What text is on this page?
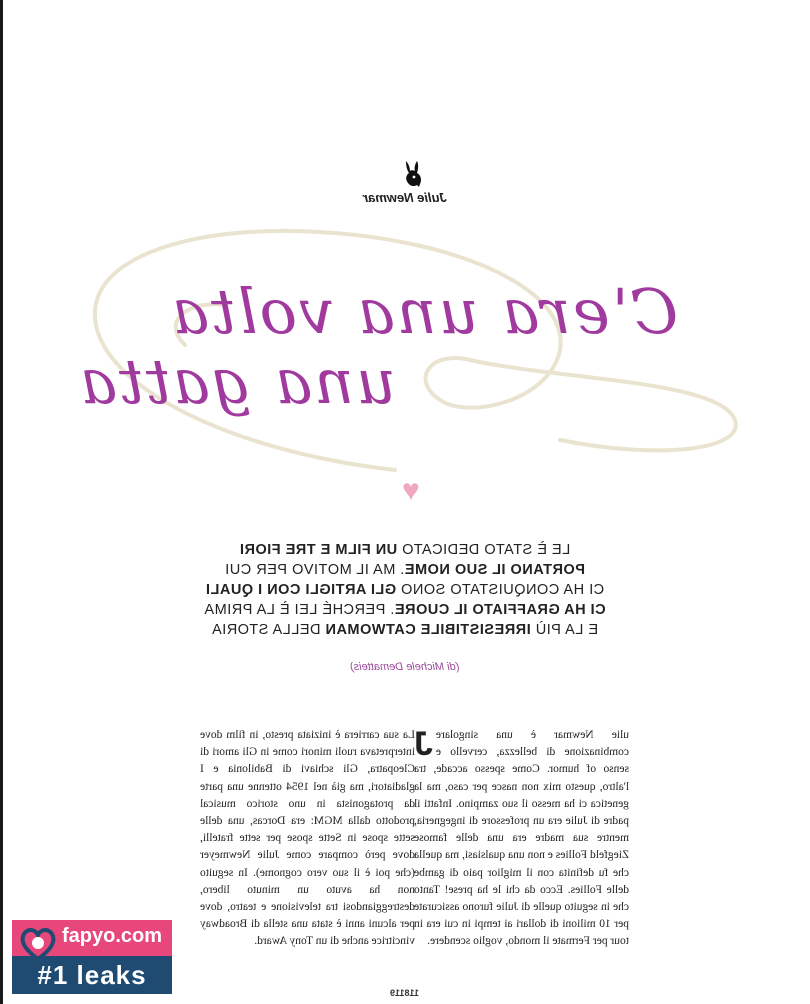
Julie Newmar
C'era una volta
una gatta
♥
LE È STATO DEDICATO UN FILM E TRE FIORI
PORTANO IL SUO NOME. MA IL MOTIVO PER CUI
CI HA CONQUISTATO SONO GLI ARTIGLI CON I QUALI
CI HA GRAFFIATO IL CUORE. PERCHÉ LEI È LA PRIMA
E LA PIÙ IRRESISTIBILE CATWOMAN DELLA STORIA
(di Michele Dematteis)
La sua carriera è iniziata presto, in film dove interpretava ruoli minori come in Gli amori di Cleopatra, Gli schiavi di Babilonia e I gladiatori, ma già nel 1954 ottenne una parte da protagonista in uno storico musical prodotto dalla MGM: era Dorcas, una delle sette spose in Sette spose per sette fratelli, dove però compare come Julie Newmeyer (che poi è il suo vero cognome). In seguito non ha avuto un minuto libero, destreggiandosi tra televisione e teatro, dove per alcuni anni è stata una stella di Broadway vincitrice anche di un Tony Award.
J ulie Newmar è una singolare combinazione di bellezza, cervello e senso of humor. Come spesso accade, tra l'altro, questo mix non nasce per caso, ma la genetica ci ha messo il suo zampino. Infatti il padre di Julie era un professore di ingegneria, mentre sua madre era una delle famose Ziegfeld Follies e non una qualsiasi, ma quella che fu definita con il miglior paio di gambe delle Follies. Ecco da chi le ha prese! Tanto che in seguito quelle di Julie furono assicurate per 10 milioni di dollari ai tempi in cui era in tour per Fermate il mondo, voglio scendere.
118119
fapyo.com
#1 leaks
